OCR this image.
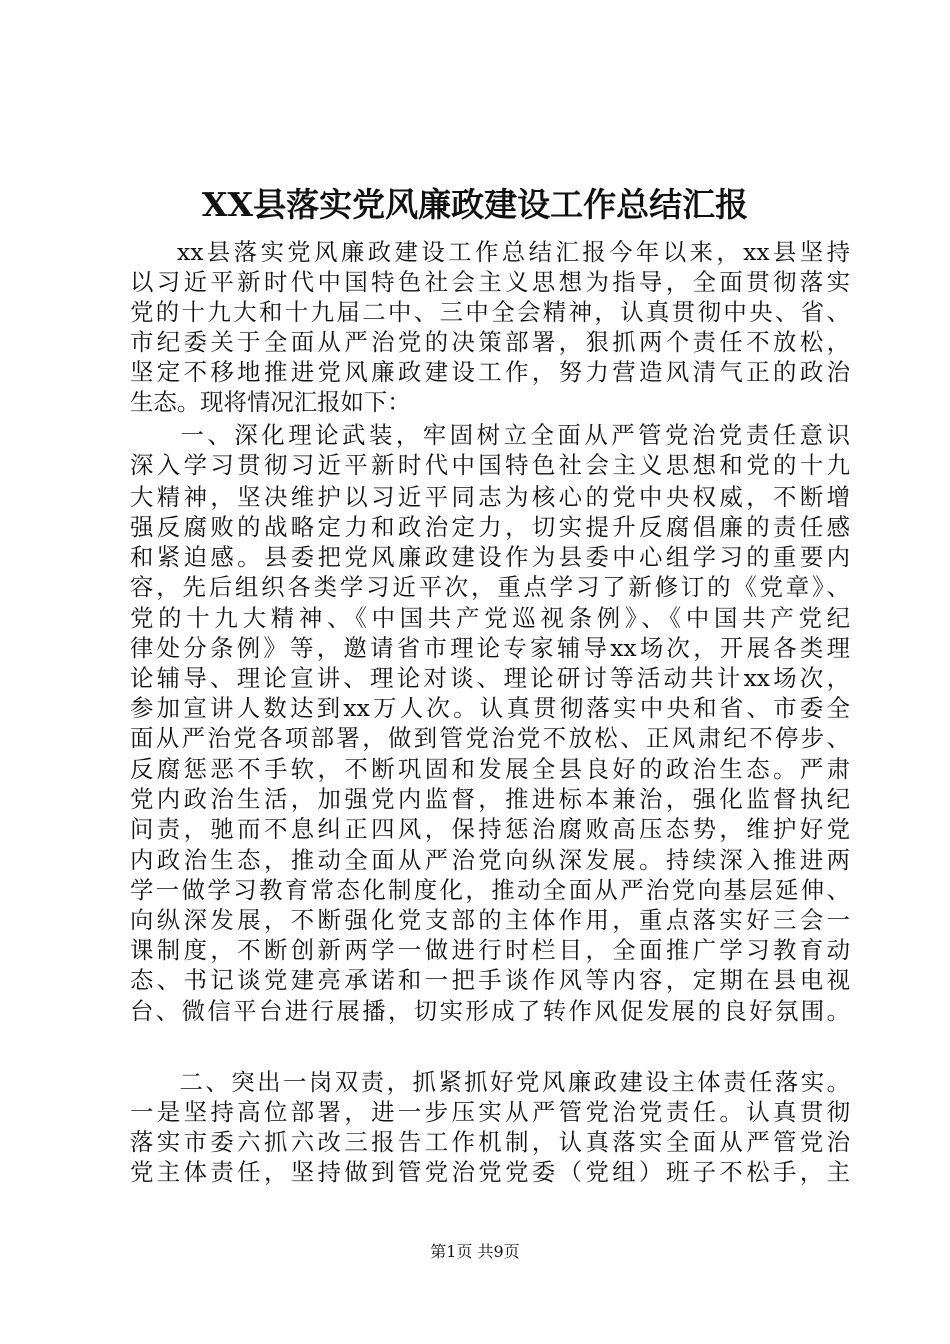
XX县落实党风廉政建设工作总结汇报
xx县落实党风廉政建设工作总结汇报今年以来，xx县坚持
以习近平新时代中国特色社会主义思想为指导，全面贯彻落实
党的十九大和十九届二中、三中全会精神，认真贯彻中央、省、
市纪委关于全面从严治党的决策部署，狠抓两个责任不放松，
坚定不移地推进党风廉政建设工作，努力营造风清气正的政治
生态。现将情况汇报如下：
一、深化理论武装，牢固树立全面从严管党治党责任意识
深入学习贯彻习近平新时代中国特色社会主义思想和党的十九
大精神，坚决维护以习近平同志为核心的党中央权威，不断增
强反腐败的战略定力和政治定力，切实提升反腐倡廉的责任感
和紧迫感。县委把党风廉政建设作为县委中心组学习的重要内
容，先后组织各类学习近平次，重点学习了新修订的《党章》、
党的十九大精神、《中国共产党巡视条例》、《中国共产党纪
律处分条例》等，邀请省市理论专家辅导xx场次，开展各类理
论辅导、理论宣讲、理论对谈、理论研讨等活动共计xx场次，
参加宣讲人数达到xx万人次。认真贯彻落实中央和省、市委全
面从严治党各项部署，做到管党治党不放松、正风肃纪不停步、
反腐惩恶不手软，不断巩固和发展全县良好的政治生态。严肃
党内政治生活，加强党内监督，推进标本兼治，强化监督执纪
问责，驰而不息纠正四风，保持惩治腐败高压态势，维护好党
内政治生态，推动全面从严治党向纵深发展。持续深入推进两
学一做学习教育常态化制度化，推动全面从严治党向基层延伸、
向纵深发展，不断强化党支部的主体作用，重点落实好三会一
课制度，不断创新两学一做进行时栏目，全面推广学习教育动
态、书记谈党建亮承诺和一把手谈作风等内容，定期在县电视
台、微信平台进行展播，切实形成了转作风促发展的良好氛围。
二、突出一岗双责，抓紧抓好党风廉政建设主体责任落实。
一是坚持高位部署，进一步压实从严管党治党责任。认真贯彻
落实市委六抓六改三报告工作机制，认真落实全面从严管党治
党主体责任，坚持做到管党治党党委（党组）班子不松手，主
第1页 共9页
